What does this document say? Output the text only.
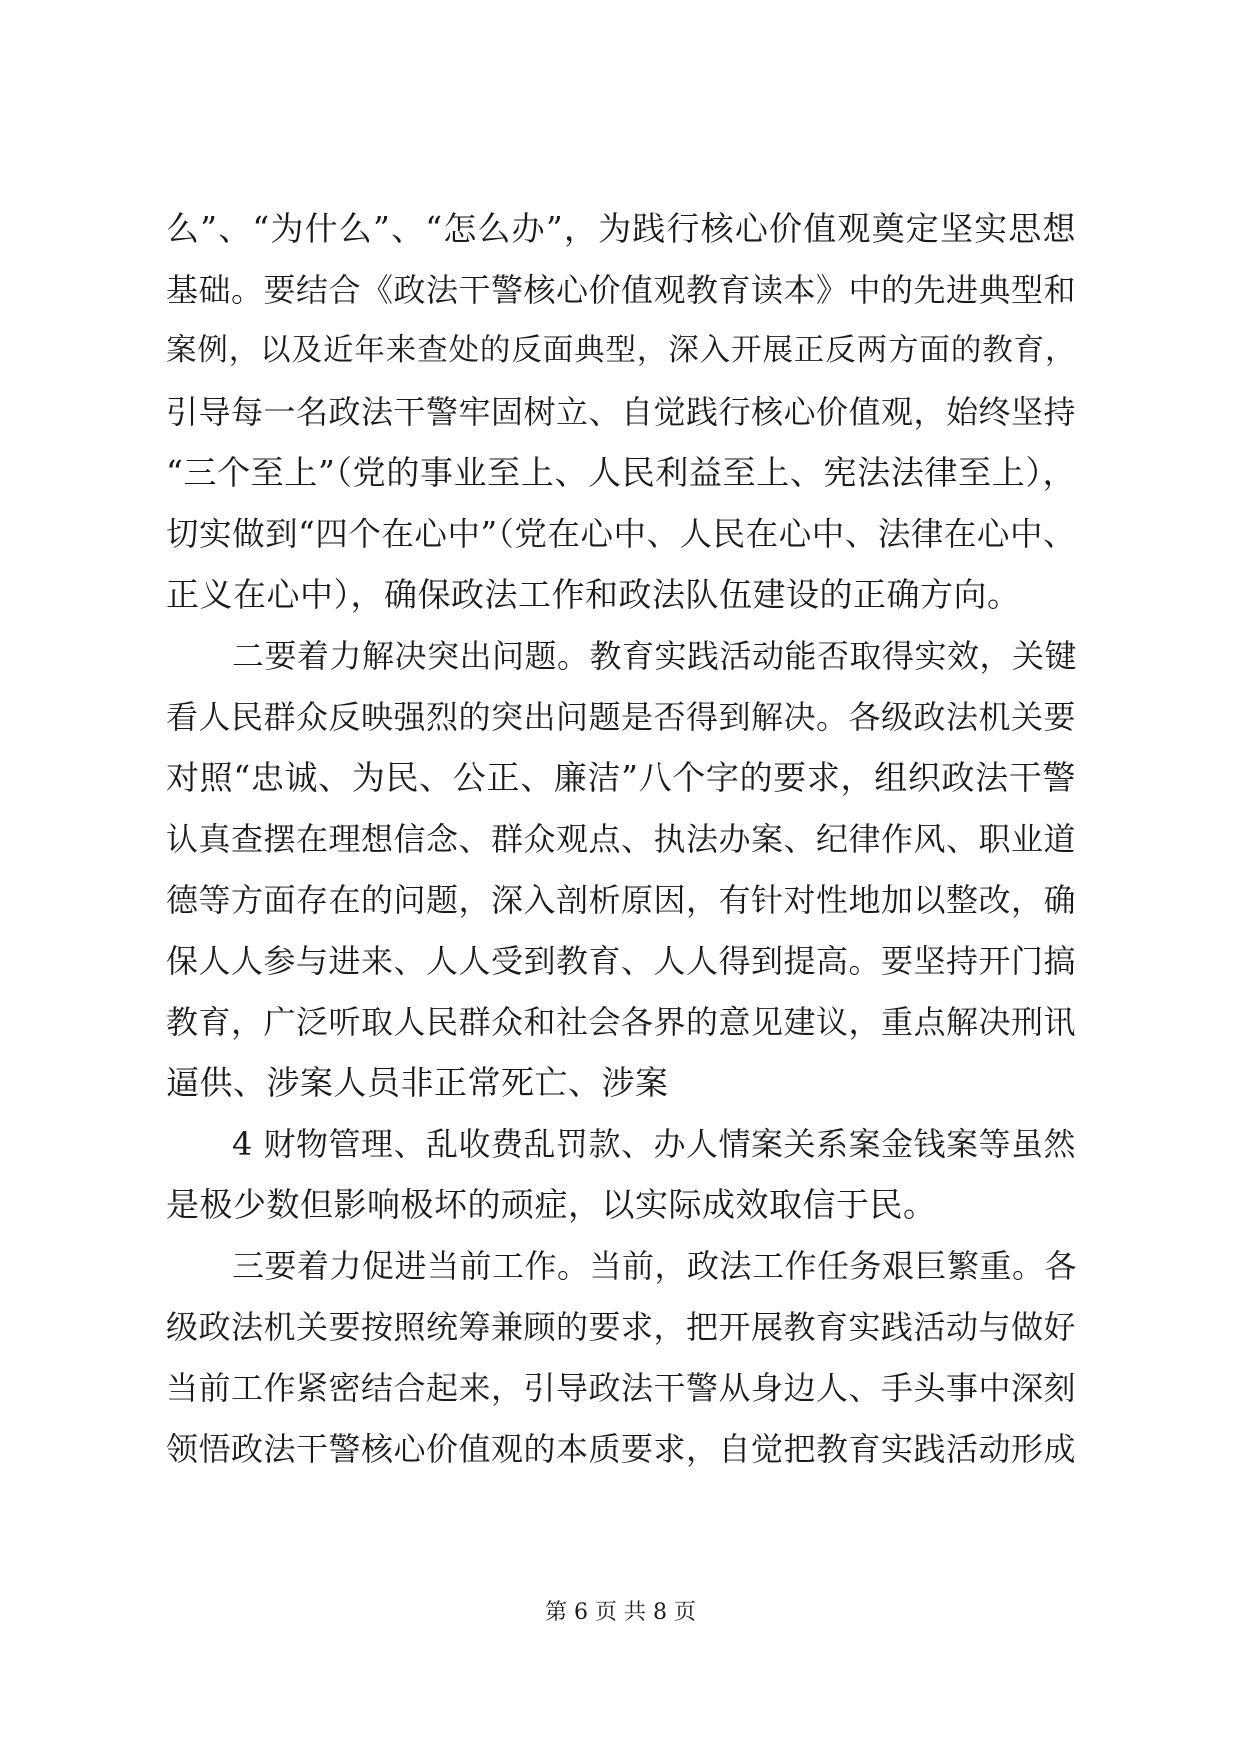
么”、“为什么”、“怎么办”，为践行核心价值观奠定坚实思想
基础。要结合《政法干警核心价值观教育读本》中的先进典型和
案例，以及近年来查处的反面典型，深入开展正反两方面的教育，
引导每一名政法干警牢固树立、自觉践行核心价值观，始终坚持
“三个至上”（党的事业至上、人民利益至上、宪法法律至上），
切实做到“四个在心中”（党在心中、人民在心中、法律在心中、
正义在心中），确保政法工作和政法队伍建设的正确方向。
二要着力解决突出问题。教育实践活动能否取得实效，关键
看人民群众反映强烈的突出问题是否得到解决。各级政法机关要
对照“忠诚、为民、公正、廉洁”八个字的要求，组织政法干警
认真查摆在理想信念、群众观点、执法办案、纪律作风、职业道
德等方面存在的问题，深入剖析原因，有针对性地加以整改，确
保人人参与进来、人人受到教育、人人得到提高。要坚持开门搞
教育，广泛听取人民群众和社会各界的意见建议，重点解决刑讯
逼供、涉案人员非正常死亡、涉案
4 财物管理、乱收费乱罚款、办人情案关系案金钱案等虽然
是极少数但影响极坏的顽症，以实际成效取信于民。
三要着力促进当前工作。当前，政法工作任务艰巨繁重。各
级政法机关要按照统筹兼顾的要求，把开展教育实践活动与做好
当前工作紧密结合起来，引导政法干警从身边人、手头事中深刻
领悟政法干警核心价值观的本质要求，自觉把教育实践活动形成
第 6 页 共 8 页
